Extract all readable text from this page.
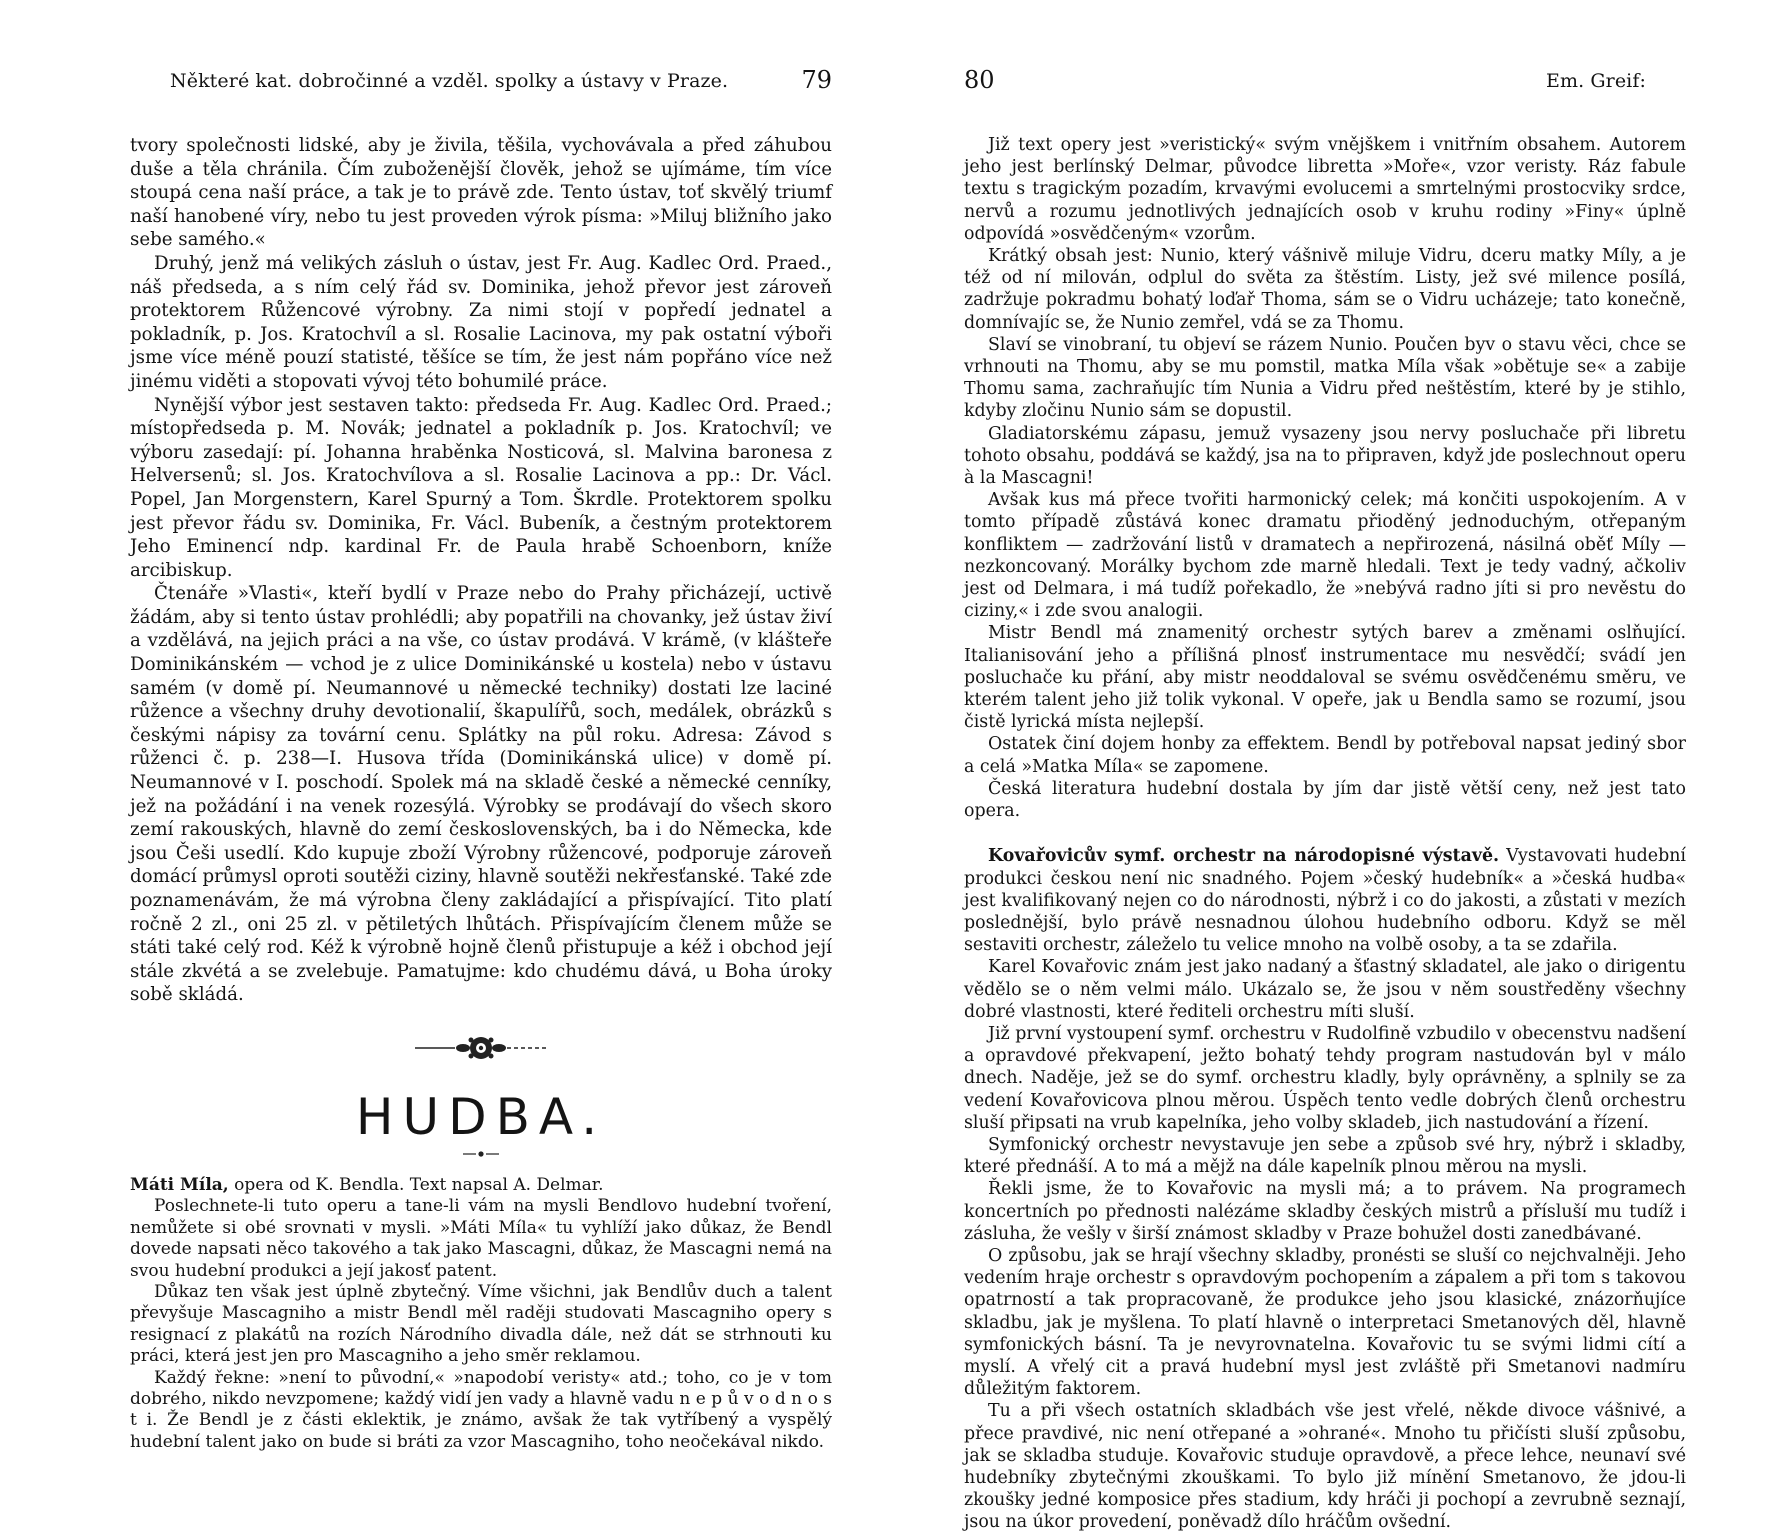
Některé kat. dobročinné a vzděl. spolky a ústavy v Praze.	79

tvory společnosti lidské, aby je živila, těšila, vychovávala a před záhubou duše a těla chránila. Čím zuboženější člověk, jehož se ujímáme, tím více stoupá cena naší práce, a tak je to právě zde. Tento ústav, toť skvělý triumf naší hanobené víry, nebo tu jest proveden výrok písma: »Miluj bližního jako sebe samého.«

Druhý, jenž má velikých zásluh o ústav, jest Fr. Aug. Kadlec Ord. Praed., náš předseda, a s ním celý řád sv. Dominika, jehož převor jest zároveň protektorem Růžencové výrobny. Za nimi stojí v popředí jednatel a pokladník, p. Jos. Kratochvíl a sl. Rosalie Lacinova, my pak ostatní výboři jsme více méně pouzí statisté, těšíce se tím, že jest nám popřáno více než jinému viděti a stopovati vývoj této bohumilé práce.

Nynější výbor jest sestaven takto: předseda Fr. Aug. Kadlec Ord. Praed.; místopředseda p. M. Novák; jednatel a pokladník p. Jos. Kratochvíl; ve výboru zasedají: pí. Johanna hraběnka Nosticová, sl. Malvina baronesa z Helversenů; sl. Jos. Kratochvílova a sl. Rosalie Lacinova a pp.: Dr. Václ. Popel, Jan Morgenstern, Karel Spurný a Tom. Škrdle. Protektorem spolku jest převor řádu sv. Dominika, Fr. Václ. Bubeník, a čestným protektorem Jeho Eminencí ndp. kardinal Fr. de Paula hrabě Schoenborn, kníže arcibiskup.

Čtenáře »Vlasti«, kteří bydlí v Praze nebo do Prahy přicházejí, uctivě žádám, aby si tento ústav prohlédli; aby popatřili na chovanky, jež ústav živí a vzdělává, na jejich práci a na vše, co ústav prodává. V krámě, (v klášteře Dominikánském — vchod je z ulice Dominikánské u kostela) nebo v ústavu samém (v domě pí. Neumannové u německé techniky) dostati lze laciné růžence a všechny druhy devotionalií, škapulířů, soch, medálek, obrázků s českými nápisy za tovární cenu. Splátky na půl roku. Adresa: Závod s růženci č. p. 238—I. Husova třída (Dominikánská ulice) v domě pí. Neumannové v I. poschodí. Spolek má na skladě české a německé cenníky, jež na požádání i na venek rozesýlá. Výrobky se prodávají do všech skoro zemí rakouských, hlavně do zemí československých, ba i do Německa, kde jsou Češi usedlí. Kdo kupuje zboží Výrobny růžencové, podporuje zároveň domácí průmysl oproti soutěži ciziny, hlavně soutěži nekřesťanské. Také zde poznamenávám, že má výrobna členy zakládající a přispívající. Tito platí ročně 2 zl., oni 25 zl. v pětiletých lhůtách. Přispívajícím členem může se státi také celý rod. Kéž k výrobně hojně členů přistupuje a kéž i obchod její stále zkvétá a se zvelebuje. Pamatujme: kdo chudému dává, u Boha úroky sobě skládá.

HUDBA.

Máti Míla, opera od K. Bendla. Text napsal A. Delmar.

Poslechnete-li tuto operu a tane-li vám na mysli Bendlovo hudební tvoření, nemůžete si obé srovnati v mysli. »Máti Míla« tu vyhlíží jako důkaz, že Bendl dovede napsati něco takového a tak jako Mascagni, důkaz, že Mascagni nemá na svou hudební produkci a její jakosť patent.

Důkaz ten však jest úplně zbytečný. Víme všichni, jak Bendlův duch a talent převyšuje Mascagniho a mistr Bendl měl raději studovati Mascagniho opery s resignací z plakátů na rozích Národního divadla dále, než dát se strhnouti ku práci, která jest jen pro Mascagniho a jeho směr reklamou.

Každý řekne: »není to původní,« »napodobí veristy« atd.; toho, co je v tom dobrého, nikdo nevzpomene; každý vidí jen vady a hlavně vadu n e p ů v o d n o s t i. Že Bendl je z části eklektik, je známo, avšak že tak vytříbený a vyspělý hudební talent jako on bude si bráti za vzor Mascagniho, toho neočekával nikdo.

80	Em. Greif:

Již text opery jest »veristický« svým vnějškem i vnitřním obsahem. Autorem jeho jest berlínský Delmar, původce libretta »Moře«, vzor veristy. Ráz fabule textu s tragickým pozadím, krvavými evolucemi a smrtelnými prostocviky srdce, nervů a rozumu jednotlivých jednajících osob v kruhu rodiny »Finy« úplně odpovídá »osvědčeným« vzorům.

Krátký obsah jest: Nunio, který vášnivě miluje Vidru, dceru matky Míly, a je též od ní milován, odplul do světa za štěstím. Listy, jež své milence posílá, zadržuje pokradmu bohatý loďař Thoma, sám se o Vidru ucházeje; tato konečně, domnívajíc se, že Nunio zemřel, vdá se za Thomu.

Slaví se vinobraní, tu objeví se rázem Nunio. Poučen byv o stavu věci, chce se vrhnouti na Thomu, aby se mu pomstil, matka Míla však »obětuje se« a zabije Thomu sama, zachraňujíc tím Nunia a Vidru před neštěstím, které by je stihlo, kdyby zločinu Nunio sám se dopustil.

Gladiatorskému zápasu, jemuž vysazeny jsou nervy posluchače při libretu tohoto obsahu, poddává se každý, jsa na to připraven, když jde poslechnout operu à la Mascagni!

Avšak kus má přece tvořiti harmonický celek; má končiti uspokojením. A v tomto případě zůstává konec dramatu přioděný jednoduchým, otřepaným konfliktem — zadržování listů v dramatech a nepřirozená, násilná oběť Míly — nezkoncovaný. Morálky bychom zde marně hledali. Text je tedy vadný, ačkoliv jest od Delmara, i má tudíž pořekadlo, že »nebývá radno jíti si pro nevěstu do ciziny,« i zde svou analogii.

Mistr Bendl má znamenitý orchestr sytých barev a změnami oslňující. Italianisování jeho a přílišná plnosť instrumentace mu nesvědčí; svádí jen posluchače ku přání, aby mistr neoddaloval se svému osvědčenému směru, ve kterém talent jeho již tolik vykonal. V opeře, jak u Bendla samo se rozumí, jsou čistě lyrická místa nejlepší.

Ostatek činí dojem honby za effektem. Bendl by potřeboval napsat jediný sbor a celá »Matka Míla« se zapomene.

Česká literatura hudební dostala by jím dar jistě větší ceny, než jest tato opera.

Kovařovicův symf. orchestr na národopisné výstavě. Vystavovati hudební produkci českou není nic snadného. Pojem »český hudebník« a »česká hudba« jest kvalifikovaný nejen co do národnosti, nýbrž i co do jakosti, a zůstati v mezích poslednější, bylo právě nesnadnou úlohou hudebního odboru. Když se měl sestaviti orchestr, záleželo tu velice mnoho na volbě osoby, a ta se zdařila.

Karel Kovařovic znám jest jako nadaný a šťastný skladatel, ale jako o dirigentu vědělo se o něm velmi málo. Ukázalo se, že jsou v něm soustředěny všechny dobré vlastnosti, které řediteli orchestru míti sluší.

Již první vystoupení symf. orchestru v Rudolfině vzbudilo v obecenstvu nadšení a opravdové překvapení, ježto bohatý tehdy program nastudován byl v málo dnech. Naděje, jež se do symf. orchestru kladly, byly oprávněny, a splnily se za vedení Kovařovicova plnou měrou. Úspěch tento vedle dobrých členů orchestru sluší připsati na vrub kapelníka, jeho volby skladeb, jich nastudování a řízení.

Symfonický orchestr nevystavuje jen sebe a způsob své hry, nýbrž i skladby, které přednáší. A to má a mějž na dále kapelník plnou měrou na mysli.

Řekli jsme, že to Kovařovic na mysli má; a to právem. Na programech koncertních po přednosti nalézáme skladby českých mistrů a přísluší mu tudíž i zásluha, že vešly v širší známost skladby v Praze bohužel dosti zanedbávané.

O způsobu, jak se hrají všechny skladby, pronésti se sluší co nejchvalněji. Jeho vedením hraje orchestr s opravdovým pochopením a zápalem a při tom s takovou opatrností a tak propracovaně, že produkce jeho jsou klasické, znázorňujíce skladbu, jak je myšlena. To platí hlavně o interpretaci Smetanových děl, hlavně symfonických básní. Ta je nevyrovnatelna. Kovařovic tu se svými lidmi cítí a myslí. A vřelý cit a pravá hudební mysl jest zvláště při Smetanovi nadmíru důležitým faktorem.

Tu a při všech ostatních skladbách vše jest vřelé, někde divoce vášnivé, a přece pravdivé, nic není otřepané a »ohrané«. Mnoho tu přičísti sluší způsobu, jak se skladba studuje. Kovařovic studuje opravdově, a přece lehce, neunaví své hudebníky zbytečnými zkouškami. To bylo již mínění Smetanovo, že jdou-li zkoušky jedné komposice přes stadium, kdy hráči ji pochopí a zevrubně seznají, jsou na úkor provedení, poněvadž dílo hráčům ovšední.
